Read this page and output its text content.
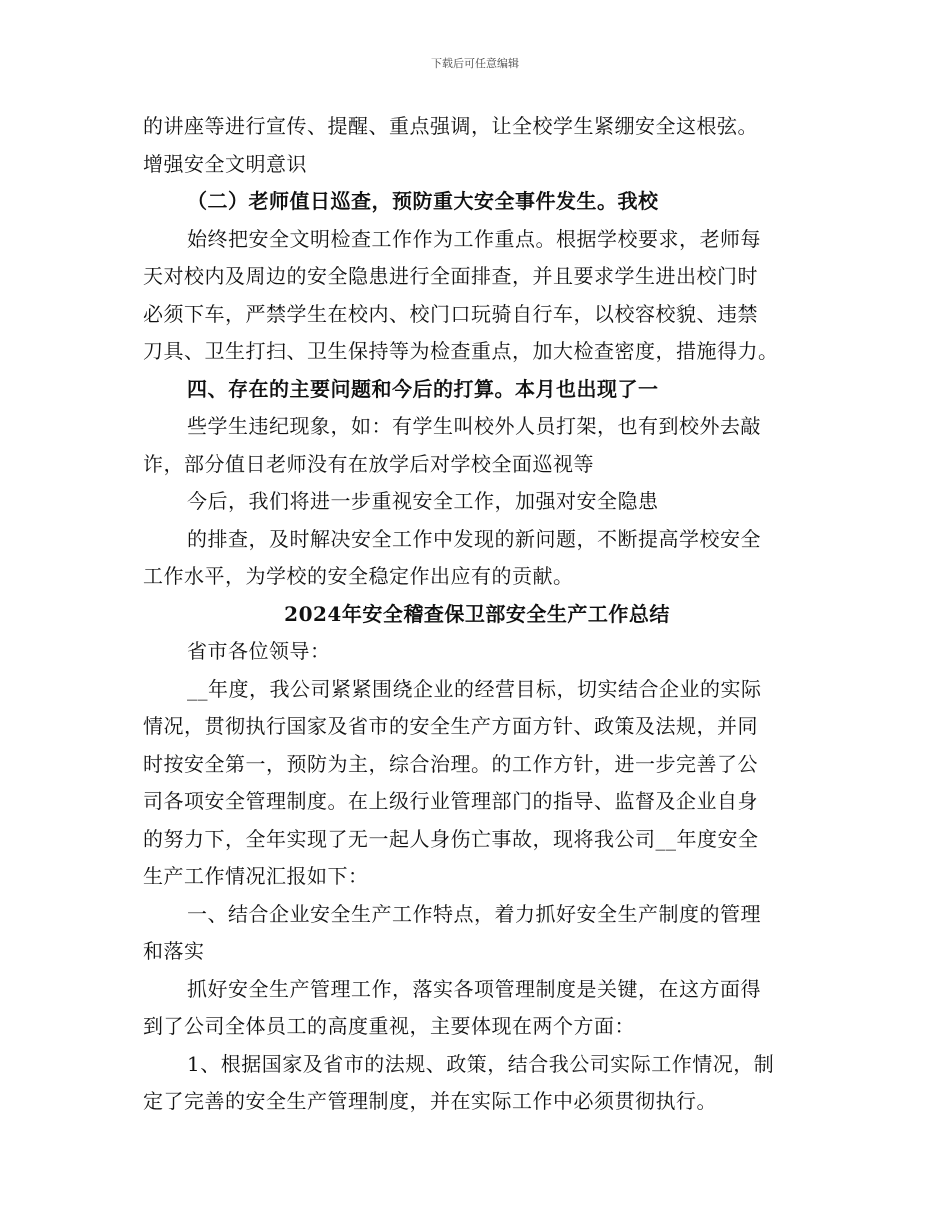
下载后可任意编辑
的讲座等进行宣传、提醒、重点强调，让全校学生紧绷安全这根弦。
增强安全文明意识
（二）老师值日巡查，预防重大安全事件发生。我校
始终把安全文明检查工作作为工作重点。根据学校要求，老师每
天对校内及周边的安全隐患进行全面排查，并且要求学生进出校门时
必须下车，严禁学生在校内、校门口玩骑自行车，以校容校貌、违禁
刀具、卫生打扫、卫生保持等为检查重点，加大检查密度，措施得力。
四、存在的主要问题和今后的打算。本月也出现了一
些学生违纪现象，如：有学生叫校外人员打架，也有到校外去敲
诈，部分值日老师没有在放学后对学校全面巡视等
今后，我们将进一步重视安全工作，加强对安全隐患
的排查，及时解决安全工作中发现的新问题，不断提高学校安全
工作水平，为学校的安全稳定作出应有的贡献。
2024年安全稽查保卫部安全生产工作总结
省市各位领导：
__年度，我公司紧紧围绕企业的经营目标，切实结合企业的实际
情况，贯彻执行国家及省市的安全生产方面方针、政策及法规，并同
时按安全第一，预防为主，综合治理。的工作方针，进一步完善了公
司各项安全管理制度。在上级行业管理部门的指导、监督及企业自身
的努力下，全年实现了无一起人身伤亡事故，现将我公司__年度安全
生产工作情况汇报如下：
一、结合企业安全生产工作特点，着力抓好安全生产制度的管理
和落实
抓好安全生产管理工作，落实各项管理制度是关键，在这方面得
到了公司全体员工的高度重视，主要体现在两个方面：
1、根据国家及省市的法规、政策，结合我公司实际工作情况，制
定了完善的安全生产管理制度，并在实际工作中必须贯彻执行。
